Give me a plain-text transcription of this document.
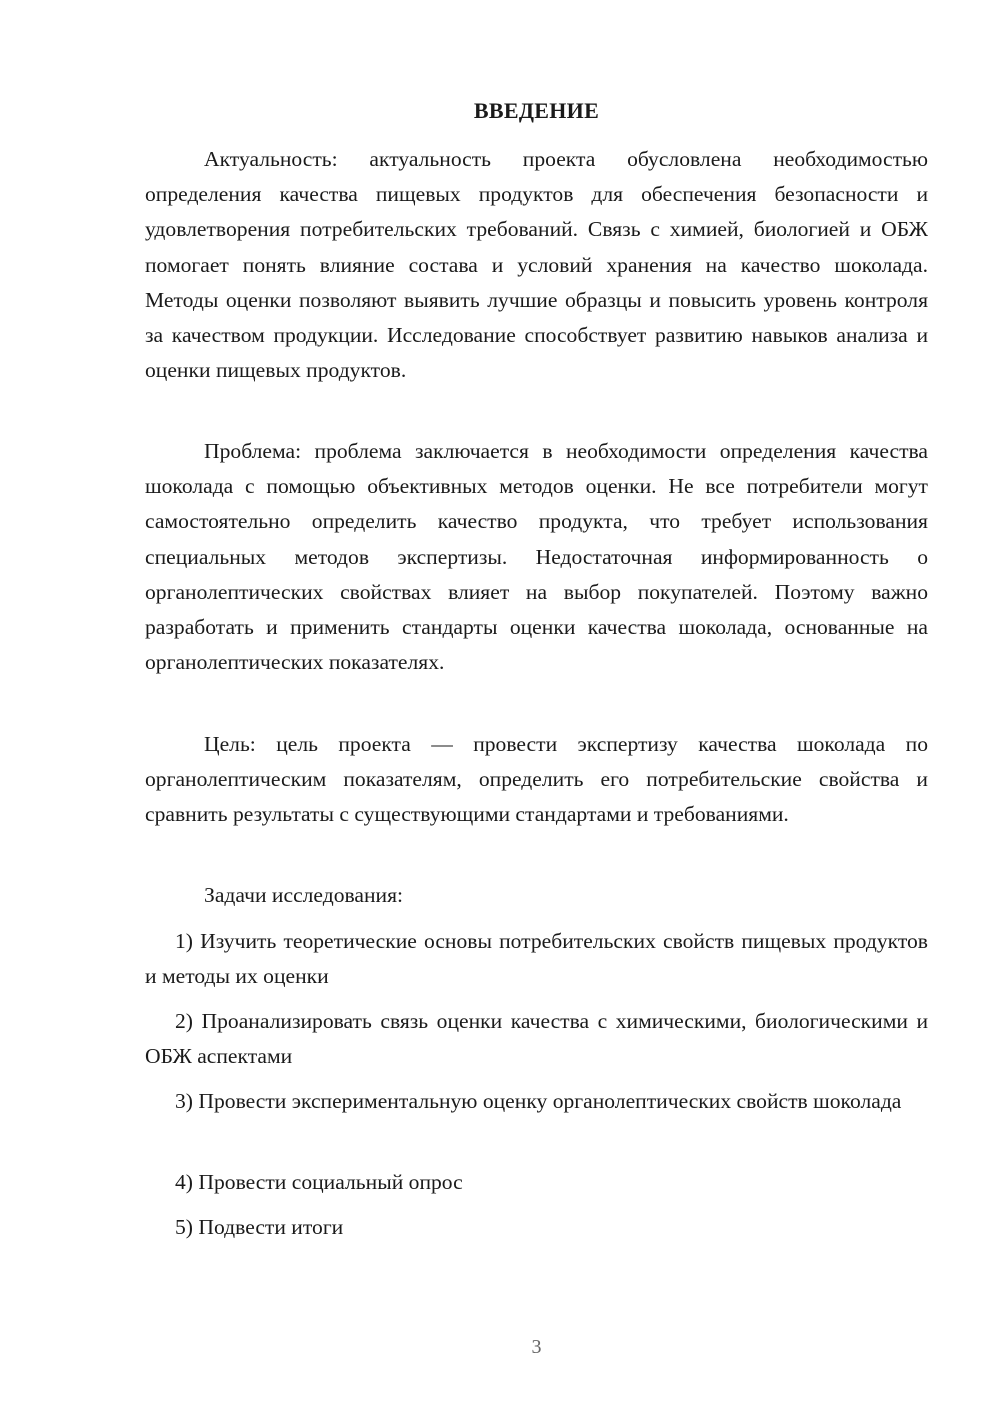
ВВЕДЕНИЕ

Актуальность: актуальность проекта обусловлена необходимостью определения качества пищевых продуктов для обеспечения безопасности и удовлетворения потребительских требований. Связь с химией, биологией и ОБЖ помогает понять влияние состава и условий хранения на качество шоколада. Методы оценки позволяют выявить лучшие образцы и повысить уровень контроля за качеством продукции. Исследование способствует развитию навыков анализа и оценки пищевых продуктов.

Проблема: проблема заключается в необходимости определения качества шоколада с помощью объективных методов оценки. Не все потребители могут самостоятельно определить качество продукта, что требует использования специальных методов экспертизы. Недостаточная информированность о органолептических свойствах влияет на выбор покупателей. Поэтому важно разработать и применить стандарты оценки качества шоколада, основанные на органолептических показателях.

Цель: цель проекта — провести экспертизу качества шоколада по органолептическим показателям, определить его потребительские свойства и сравнить результаты с существующими стандартами и требованиями.

Задачи исследования:

1) Изучить теоретические основы потребительских свойств пищевых продуктов и методы их оценки

2) Проанализировать связь оценки качества с химическими, биологическими и ОБЖ аспектами

3) Провести экспериментальную оценку органолептических свойств шоколада

4) Провести социальный опрос

5) Подвести итоги

3
